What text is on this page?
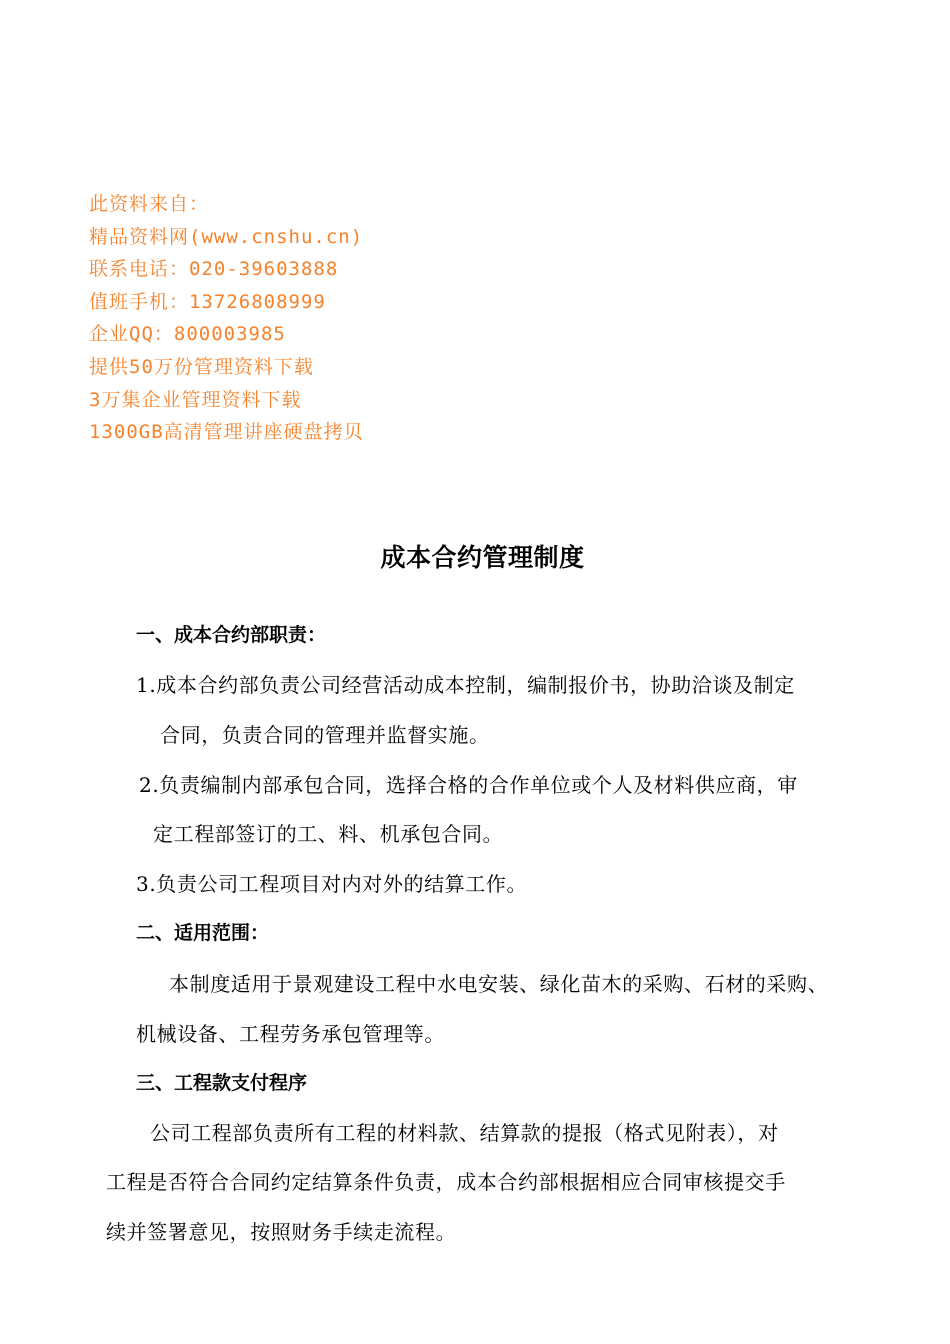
此资料来自：
精品资料网(www.cnshu.cn)
联系电话：020-39603888
值班手机：13726808999
企业QQ：800003985
提供50万份管理资料下载
3万集企业管理资料下载
1300GB高清管理讲座硬盘拷贝
成本合约管理制度
一、成本合约部职责：
1.成本合约部负责公司经营活动成本控制，编制报价书，协助洽谈及制定
合同，负责合同的管理并监督实施。
2.负责编制内部承包合同，选择合格的合作单位或个人及材料供应商，审
定工程部签订的工、料、机承包合同。
3.负责公司工程项目对内对外的结算工作。
二、适用范围：
本制度适用于景观建设工程中水电安装、绿化苗木的采购、石材的采购、
机械设备、工程劳务承包管理等。
三、工程款支付程序
公司工程部负责所有工程的材料款、结算款的提报（格式见附表），对
工程是否符合合同约定结算条件负责，成本合约部根据相应合同审核提交手
续并签署意见，按照财务手续走流程。
